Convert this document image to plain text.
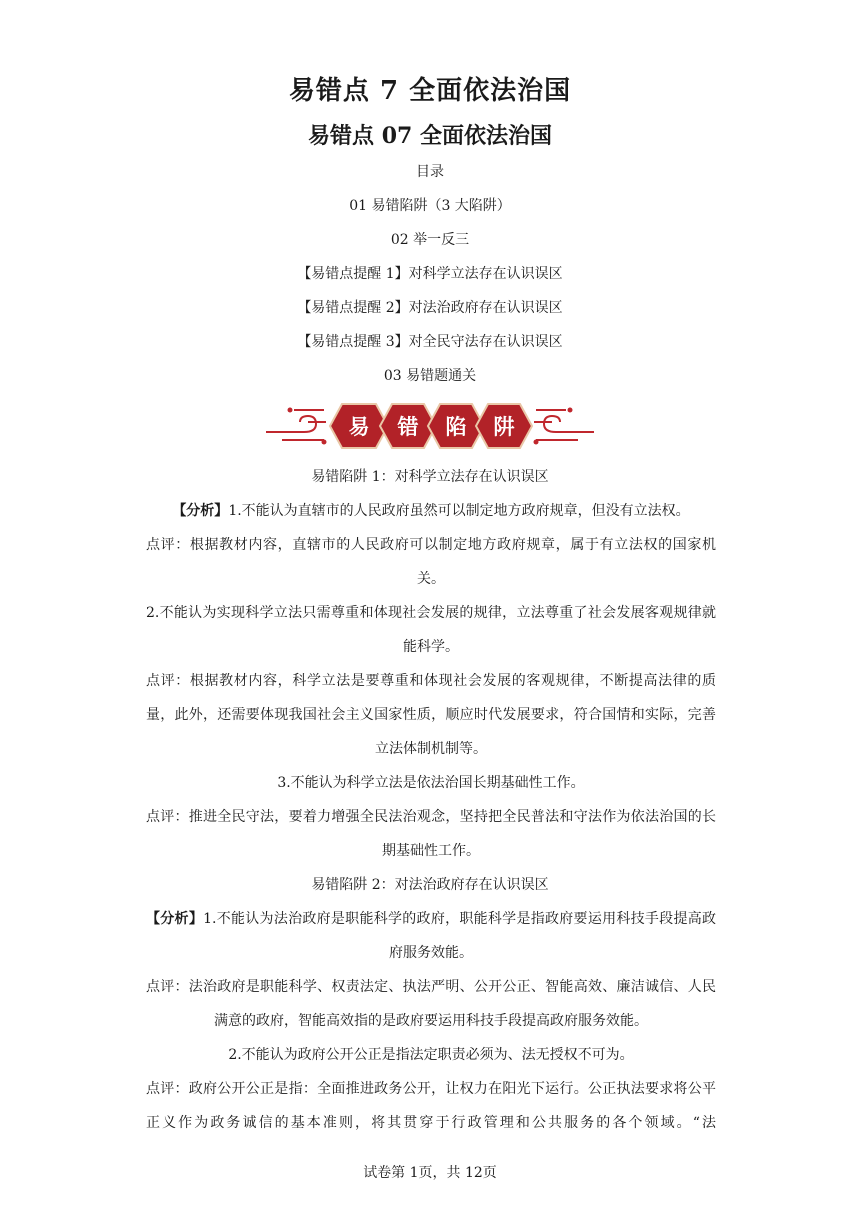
易错点 7 全面依法治国
易错点 07 全面依法治国
目录
01 易错陷阱（3 大陷阱）
02 举一反三
【易错点提醒 1】对科学立法存在认识误区
【易错点提醒 2】对法治政府存在认识误区
【易错点提醒 3】对全民守法存在认识误区
03 易错题通关
易 错 陷 阱
易错陷阱 1：对科学立法存在认识误区
【分析】1.不能认为直辖市的人民政府虽然可以制定地方政府规章，但没有立法权。
点评：根据教材内容，直辖市的人民政府可以制定地方政府规章，属于有立法权的国家机关。
2.不能认为实现科学立法只需尊重和体现社会发展的规律，立法尊重了社会发展客观规律就能科学。
点评：根据教材内容，科学立法是要尊重和体现社会发展的客观规律，不断提高法律的质量，此外，还需要体现我国社会主义国家性质，顺应时代发展要求，符合国情和实际，完善立法体制机制等。
3.不能认为科学立法是依法治国长期基础性工作。
点评：推进全民守法，要着力增强全民法治观念，坚持把全民普法和守法作为依法治国的长期基础性工作。
易错陷阱 2：对法治政府存在认识误区
【分析】1.不能认为法治政府是职能科学的政府，职能科学是指政府要运用科技手段提高政府服务效能。
点评：法治政府是职能科学、权责法定、执法严明、公开公正、智能高效、廉洁诚信、人民满意的政府，智能高效指的是政府要运用科技手段提高政府服务效能。
2.不能认为政府公开公正是指法定职责必须为、法无授权不可为。
点评：政府公开公正是指：全面推进政务公开，让权力在阳光下运行。公正执法要求将公平正义作为政务诚信的基本准则，将其贯穿于行政管理和公共服务的各个领域。“法
试卷第 1页，共 12页
